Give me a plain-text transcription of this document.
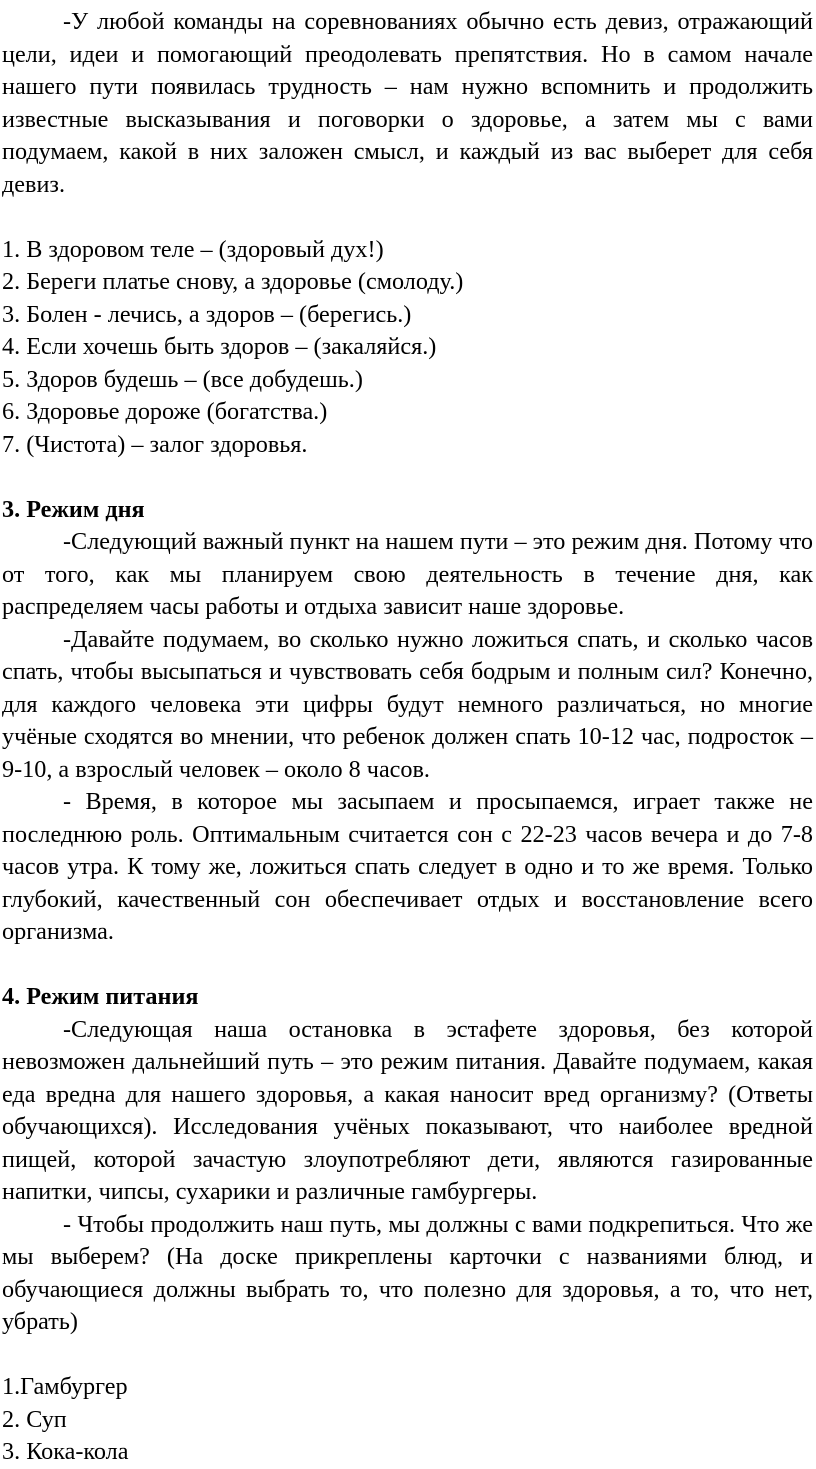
-У любой команды на соревнованиях обычно есть девиз, отражающий цели, идеи и помогающий преодолевать препятствия. Но в самом начале нашего пути появилась трудность – нам нужно вспомнить и продолжить известные высказывания и поговорки о здоровье, а затем мы с вами подумаем, какой в них заложен смысл, и каждый из вас выберет для себя девиз.

1. В здоровом теле – (здоровый дух!)
2. Береги платье снову, а здоровье (смолоду.)
3. Болен - лечись, а здоров – (берегись.)
4. Если хочешь быть здоров – (закаляйся.)
5. Здоров будешь – (все добудешь.)
6. Здоровье дороже (богатства.)
7. (Чистота) – залог здоровья.
3. Режим дня

-Следующий важный пункт на нашем пути – это режим дня. Потому что от того, как мы планируем свою деятельность в течение дня, как распределяем часы работы и отдыха зависит наше здоровье.

-Давайте подумаем, во сколько нужно ложиться спать, и сколько часов спать, чтобы высыпаться и чувствовать себя бодрым и полным сил? Конечно, для каждого человека эти цифры будут немного различаться, но многие учёные сходятся во мнении, что ребенок должен спать 10-12 час, подросток – 9-10, а взрослый человек – около 8 часов.

- Время, в которое мы засыпаем и просыпаемся, играет также не последнюю роль. Оптимальным считается сон с 22-23 часов вечера и до 7-8 часов утра. К тому же, ложиться спать следует в одно и то же время. Только глубокий, качественный сон обеспечивает отдых и восстановление всего организма.

4. Режим питания

-Следующая наша остановка в эстафете здоровья, без которой невозможен дальнейший путь – это режим питания. Давайте подумаем, какая еда вредна для нашего здоровья, а какая наносит вред организму? (Ответы обучающихся). Исследования учёных показывают, что наиболее вредной пищей, которой зачастую злоупотребляют дети, являются газированные напитки, чипсы, сухарики и различные гамбургеры.

- Чтобы продолжить наш путь, мы должны с вами подкрепиться. Что же мы выберем? (На доске прикреплены карточки с названиями блюд, и обучающиеся должны выбрать то, что полезно для здоровья, а то, что нет, убрать)

1.Гамбургер
2. Суп
3. Кока-кола
